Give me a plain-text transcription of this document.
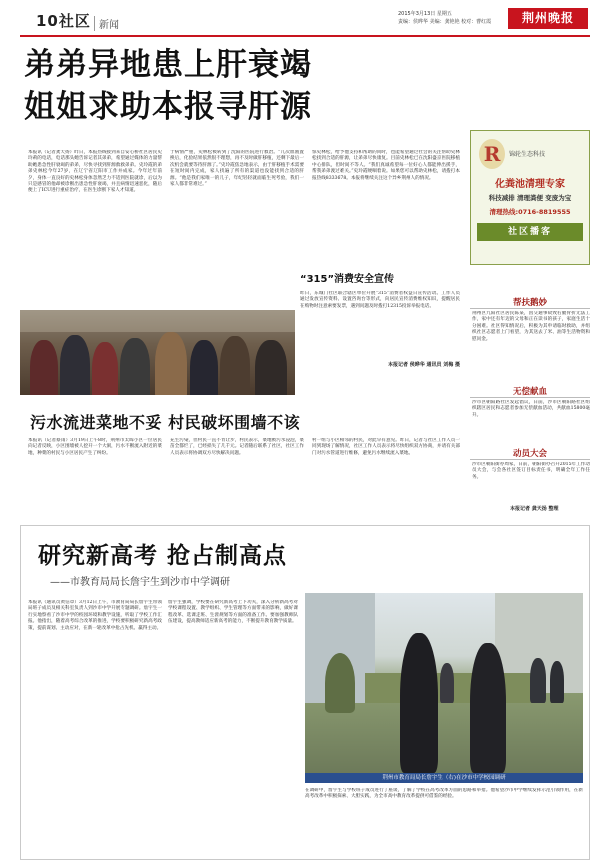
10社区 新闻
2015年3月13日 星期五
责编：侯晔华 美编：龚艳艳 校对：曹红霞	荆州晚报
弟弟异地患上肝衰竭
姐姐求助本报寻肝源
本报讯（记者龚天扬）昨日，本报热线接到来自安心桥社区居民史玲莉的电话，电话那头她告诉记者其弟弟，希望通过媒体的力量帮助她患急性肝衰竭的弟弟，尽快寻找到肝源救救弟弟。史玲霞的弟弟史林松今年27岁，在辽宁省辽阳市工作并成家。今年过年前夕，身体一直良好的史林松身体忽然乏力不适到医院就诊，后以为只是感冒的他却被诊断出患急性肝衰竭，并且病情迅速恶化，随后便上了ICU进行重症治疗，在医生诊断下家人才知道。
于病情严重，史林松被转到了沈阳的医院进行救治。“几次血液置换后，化验结果依然很不理想，再不及时做肝移植，还剩下最后一次机会就要等待肝源了。”史玲霞焦急地表示，由于肝移植手术需要在短时间内完成，家人找遍了所有的渠道也没能找到合适的肝源。“他是我们家唯一的儿子，年纪轻轻就面临生死考验，我们一家人都非常难过。”
惊史林松，给予他支持和帮助的同时，也能希望通过社会的关注帮助史林松找到合适的肝源，让弟弟尽快康复。目前史林松已在沈阳盛京医院移植中心排队，但时间不等人。“我们真诚希望每一位好心人都能伸出援手，帮我弟弟渡过难关。”史玲霞哽咽着说。如果您可以帮助史林松，请拨打本报热线8333678。本报将继续关注这个异乡荆州人的情况。
R	锦轮生态科技
化粪池清理专家
科技减排 清理粪便 变废为宝
清理热线:0716-8819555
社区播客
帮扶鹅妙
荆州区九阳社区居民陈某，因交通事故致右腿骨折无法工作，家中还有年迈的父母和正在读书的孩子，家庭生活十分困难。社区得知情况后，积极为其申请临时救助，并组织社区志愿者上门看望，为其送去了米、油等生活物资和慰问金。
无偿献血
沙市区朝阳路社区发起倡议，日前，沙市区朝阳路社区组织辖区居民和志愿者参加无偿献血活动，共献血15800毫升。
动员大会
沙市区朝阳街办周家，日前，朝阳街办召开2015年工作动员大会，与会各社区签订目标责任书，明确全年工作任务。
本报记者 龚天扬 整理
“315”消费安全宣传
昨日，东城门社区联合辖区单位开展“315”消费者权益日宣传活动。工作人员通过发放宣传资料、设置咨询台等形式，向居民宣传消费维权知识，提醒居民在购物时注意索要发票，遇到问题及时拨打12315投诉举报电话。
本报记者 侯晔华 通讯员 刘梅 摄
污水流进菜地不妥 村民破坏围墙不该
本报讯（记者蔡雨）3月19日上午8时，荆州市太晖小区一位居民向记者反映，小区围墙被人挖开一个大洞，污水不断流入附近的菜地，种菜的村民与小区居民产生了纠纷。
充生污染，但村民一直不肯让步，村民表示，菜地被污水浸泡，菜苗全都烂了，已经损失了几千元。记者随后联系了社区，社区工作人员表示将协调双方尽快解决问题。
村一组与小区相邻的村民，对此早有意见。昨日，记者与社区工作人员一同到现场了解情况，社区工作人员表示将尽快组织双方协商，并请有关部门对污水管道进行维修，避免污水继续流入菜地。
研究新高考 抢占制高点
——市教育局局长詹宇生到沙市中学调研
本报讯（通讯员黄信章）3月12日上午，市教育局局长詹宇生带领局班子成员及相关科室负责人到沙市中学开展专题调研。詹宇生一行实地察看了沙市中学的校园环境和教学设施，听取了学校工作汇报。他指出，随着高考综合改革的推进，学校要积极研究新高考政策，提前谋划、主动应对，在新一轮改革中抢占先机、赢得主动。
詹宇生强调，学校要在研究新高考上下功夫，深入分析新高考对学校课程设置、教学组织、学生管理等方面带来的影响，做好课程改革、选课走班、生涯规划等方面的准备工作。要加强教师队伍建设，提高教师适应新高考的能力，不断提升教育教学质量。
在调研中，詹宇生与学校班子成员进行了座谈，了解了学校在高考改革方面的思路和举措。他希望沙市中学继续发挥示范引领作用，在新高考改革中积极探索、大胆实践，为全市高中教育改革提供可借鉴的经验。
荆州市教育局局长詹宇生（右)在沙市中学校园调研
